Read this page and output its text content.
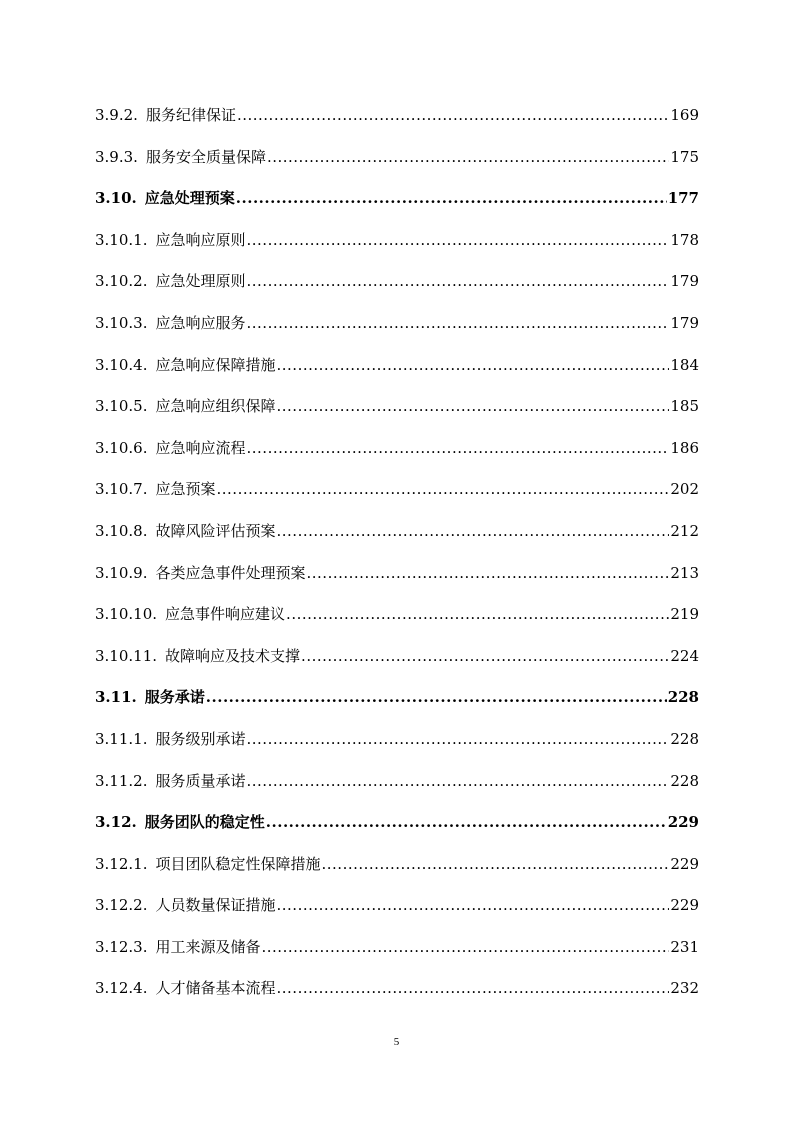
3.9.2. 服务纪律保证 .....	169
3.9.3. 服务安全质量保障 .....	175
3.10. 应急处理预案 .....	177
3.10.1. 应急响应原则 .....	178
3.10.2. 应急处理原则 .....	179
3.10.3. 应急响应服务 .....	179
3.10.4. 应急响应保障措施 .....	184
3.10.5. 应急响应组织保障 .....	185
3.10.6. 应急响应流程 .....	186
3.10.7. 应急预案 .....	202
3.10.8. 故障风险评估预案 .....	212
3.10.9. 各类应急事件处理预案 .....	213
3.10.10. 应急事件响应建议 .....	219
3.10.11. 故障响应及技术支撑 .....	224
3.11. 服务承诺 .....	228
3.11.1. 服务级别承诺 .....	228
3.11.2. 服务质量承诺 .....	228
3.12. 服务团队的稳定性 .....	229
3.12.1. 项目团队稳定性保障措施 .....	229
3.12.2. 人员数量保证措施 .....	229
3.12.3. 用工来源及储备 .....	231
3.12.4. 人才储备基本流程 .....	232
5
